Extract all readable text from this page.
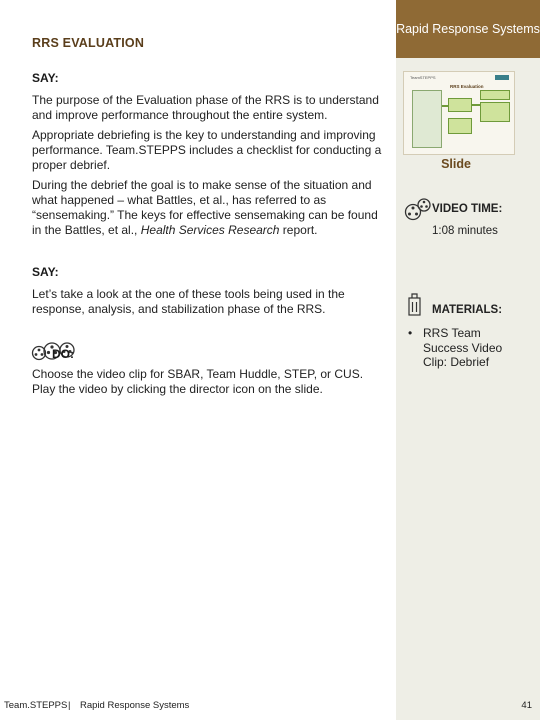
Rapid Response Systems
RRS EVALUATION
SAY:
The purpose of the Evaluation phase of the RRS is to understand and improve performance throughout the entire system.
Appropriate debriefing is the key to understanding and improving performance. Team.STEPPS includes a checklist for conducting a proper debrief.
During the debrief the goal is to make sense of the situation and what happened – what Battles, et al., has referred to as “sensemaking.” The keys for effective sensemaking can be found in the Battles, et al., Health Services Research report.
SAY:
Let’s take a look at the one of these tools being used in the response, analysis, and stabilization phase of the RRS.
DO:
Choose the video clip for SBAR, Team Huddle, STEP, or CUS. Play the video by clicking the director icon on the slide.
TeamSTEPPS
RRS Evaluation
Slide
VIDEO TIME:
1:08 minutes
MATERIALS:
• RRS Team Success Video Clip: Debrief
Team.STEPPS | Rapid Response Systems	41
